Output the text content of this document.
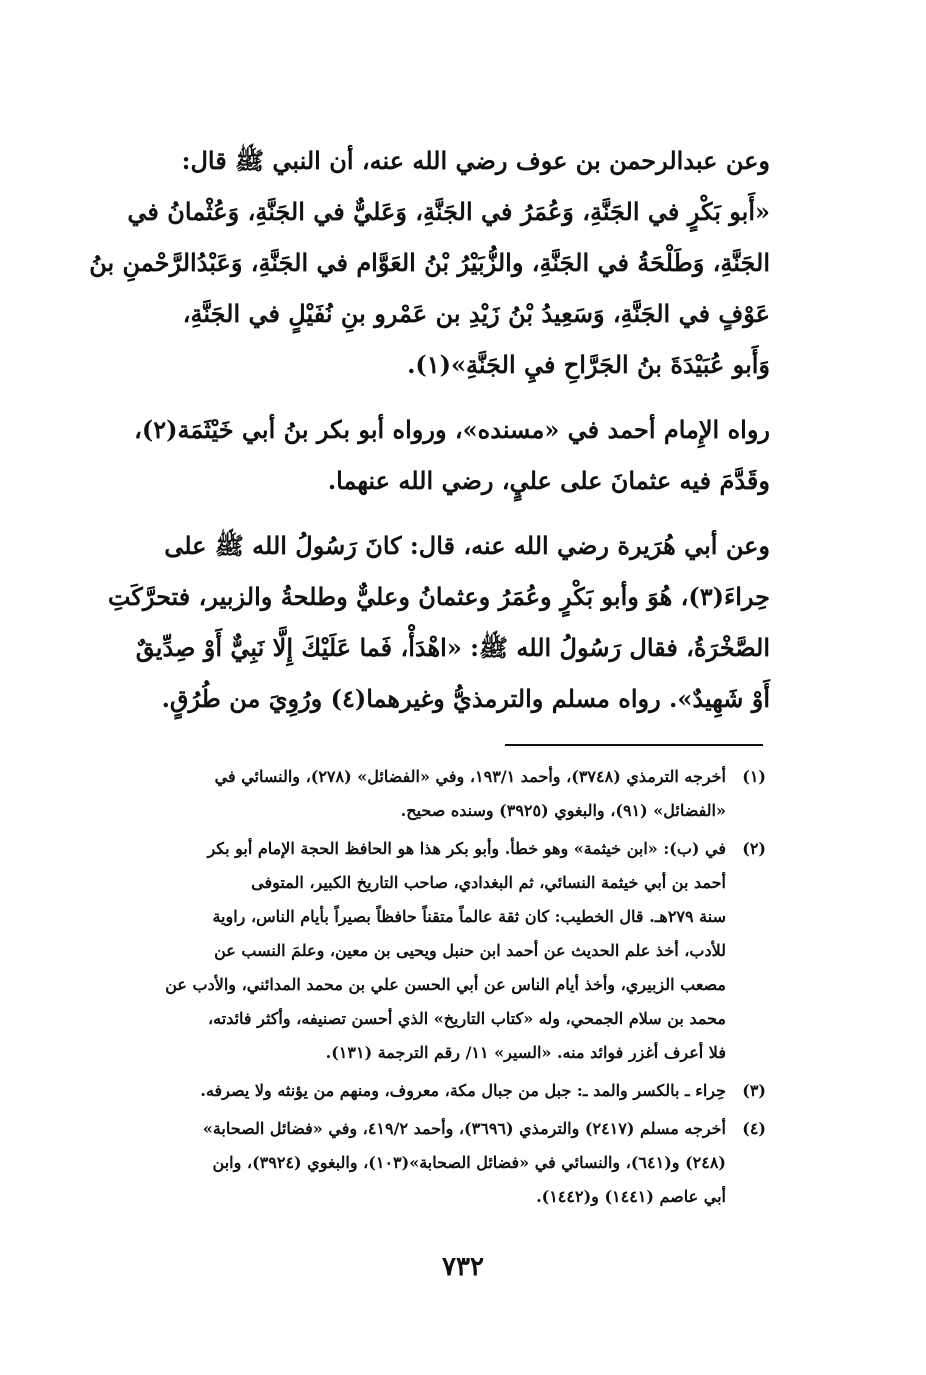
وعن عبدالرحمن بن عوف رضي الله عنه، أن النبي ﷺ قال:
«أَبو بَكْرٍ في الجَنَّةِ، وَعُمَرُ في الجَنَّةِ، وَعَليٌّ في الجَنَّةِ، وَعُثْمانُ في
الجَنَّةِ، وَطَلْحَةُ في الجَنَّةِ، والزُّبَيْرُ بْنُ العَوَّام في الجَنَّةِ، وَعَبْدُالرَّحْمنِ بنُ
عَوْفٍ في الجَنَّةِ، وَسَعِيدُ بْنُ زَيْدِ بن عَمْرو بنِ نُفَيْلٍ في الجَنَّةِ،
وَأَبو عُبَيْدَةَ بنُ الجَرَّاحِ فيِ الجَنَّةِ»(١).

رواه الإِمام أحمد في «مسنده»، ورواه أبو بكر بنُ أبي خَيْثَمَة(٢)،
وقَدَّمَ فيه عثمانَ على عليٍ، رضي الله عنهما.

وعن أبي هُرَيرة رضي الله عنه، قال: كانَ رَسُولُ الله ﷺ على
حِراءَ(٣)، هُوَ وأبو بَكْرٍ وعُمَرُ وعثمانُ وعليٌّ وطلحةُ والزبير، فتحرَّكَتِ
الصَّخْرَةُ، فقال رَسُولُ الله ﷺ: «اهْدَأْ، فَما عَلَيْكَ إِلَّا نَبِيٌّ أَوْ صِدِّيقٌ
أَوْ شَهِيدٌ». رواه مسلم والترمذيُّ وغيرهما(٤) ورُوِيَ من طُرُقٍ.

(١)
أخرجه الترمذي (٣٧٤٨)، وأحمد ١٩٣/١، وفي «الفضائل» (٢٧٨)، والنسائي في
«الفضائل» (٩١)، والبغوي (٣٩٢٥) وسنده صحيح.
(٢)
في (ب): «ابن خيثمة» وهو خطأ. وأبو بكر هذا هو الحافظ الحجة الإمام أبو بكر
أحمد بن أبي خيثمة النسائي، ثم البغدادي، صاحب التاريخ الكبير، المتوفى
سنة ٢٧٩هـ. قال الخطيب: كان ثقة عالماً متقناً حافظاً بصيراً بأيام الناس، راوية
للأدب، أخذ علم الحديث عن أحمد ابن حنبل ويحيى بن معين، وعلمَ النسب عن
مصعب الزبيري، وأخذ أيام الناس عن أبي الحسن علي بن محمد المدائني، والأدب عن
محمد بن سلام الجمحي، وله «كتاب التاريخ» الذي أحسن تصنيفه، وأكثر فائدته،
فلا أعرف أغزر فوائد منه. «السير» ١١/ رقم الترجمة (١٣١).
(٣)
حِراء ـ بالكسر والمد ـ: جبل من جبال مكة، معروف، ومنهم من يؤنثه ولا يصرفه.
(٤)
أخرجه مسلم (٢٤١٧) والترمذي (٣٦٩٦)، وأحمد ٤١٩/٢، وفي «فضائل الصحابة»
(٢٤٨) و(٦٤١)، والنسائي في «فضائل الصحابة»(١٠٣)، والبغوي (٣٩٢٤)، وابن
أبي عاصم (١٤٤١) و(١٤٤٢).
٧٣٢
